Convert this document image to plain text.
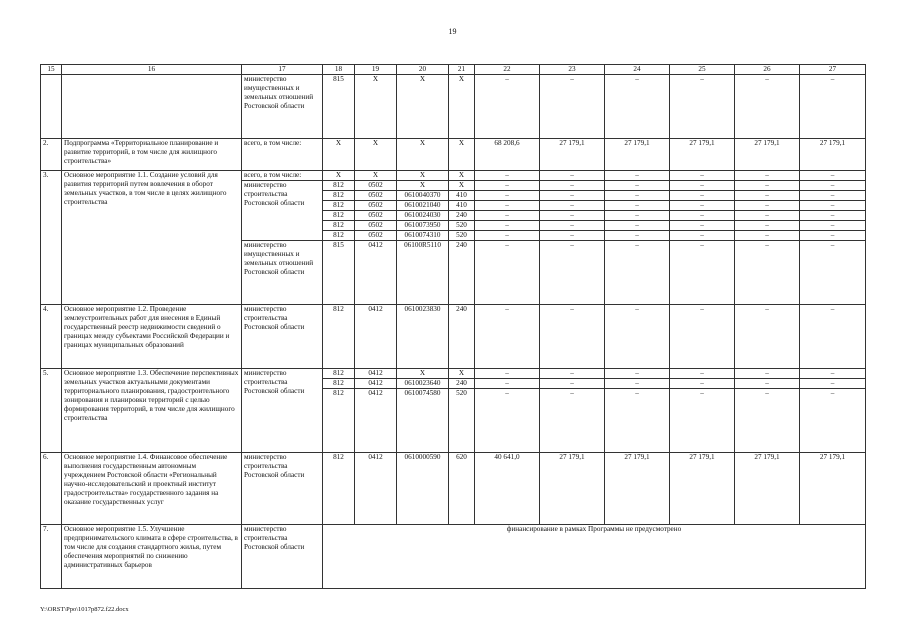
19
15	16	17	18	19	20	21	22	23	24	25	26	27
		министерство имущественных и земельных отношений Ростовской области	815	X	X	X	–	–	–	–	–	–
2.	Подпрограмма «Территориальное планирование и развитие территорий, в том числе для жилищного строительства»	всего, в том числе:	X	X	X	X	68 208,6	27 179,1	27 179,1	27 179,1	27 179,1	27 179,1
3.	Основное мероприятие 1.1. Создание условий для развития территорий путем вовлечения в оборот земельных участков, в том числе в целях жилищного строительства	всего, в том числе:	X	X	X	X	–	–	–	–	–	–
		министерство строительства Ростовской области	812	0502	X	X	–	–	–	–	–	–
			812	0502	0610040370	410	–	–	–	–	–	–
			812	0502	0610021040	410	–	–	–	–	–	–
			812	0502	0610024030	240	–	–	–	–	–	–
			812	0502	0610073950	520	–	–	–	–	–	–
			812	0502	0610074310	520	–	–	–	–	–	–
		министерство имущественных и земельных отношений Ростовской области	815	0412	06100R5110	240	–	–	–	–	–	–
4.	Основное мероприятие 1.2. Проведение землеустроительных работ для внесения в Единый государственный реестр недвижимости сведений о границах между субъектами Российской Федерации и границах муниципальных образований	министерство строительства Ростовской области	812	0412	0610023830	240	–	–	–	–	–	–
5.	Основное мероприятие 1.3. Обеспечение перспективных земельных участков актуальными документами территориального планирования, градостроительного зонирования и планировки территорий с целью формирования территорий, в том числе для жилищного строительства	министерство строительства Ростовской области	812	0412	X	X	–	–	–	–	–	–
			812	0412	0610023640	240	–	–	–	–	–	–
			812	0412	0610074580	520	–	–	–	–	–	–
6.	Основное мероприятие 1.4. Финансовое обеспечение выполнения государственным автономным учреждением Ростовской области «Региональный научно-исследовательский и проектный институт градостроительства» государственного задания на оказание государственных услуг	министерство строительства Ростовской области	812	0412	0610000590	620	40 641,0	27 179,1	27 179,1	27 179,1	27 179,1	27 179,1
7.	Основное мероприятие 1.5. Улучшение предпринимательского климата в сфере строительства, в том числе для создания стандартного жилья, путем обеспечения мероприятий по снижению административных барьеров	министерство строительства Ростовской области	финансирование в рамках Программы не предусмотрено									
Y:\ORST\Ppo\1017p872.f22.docx
